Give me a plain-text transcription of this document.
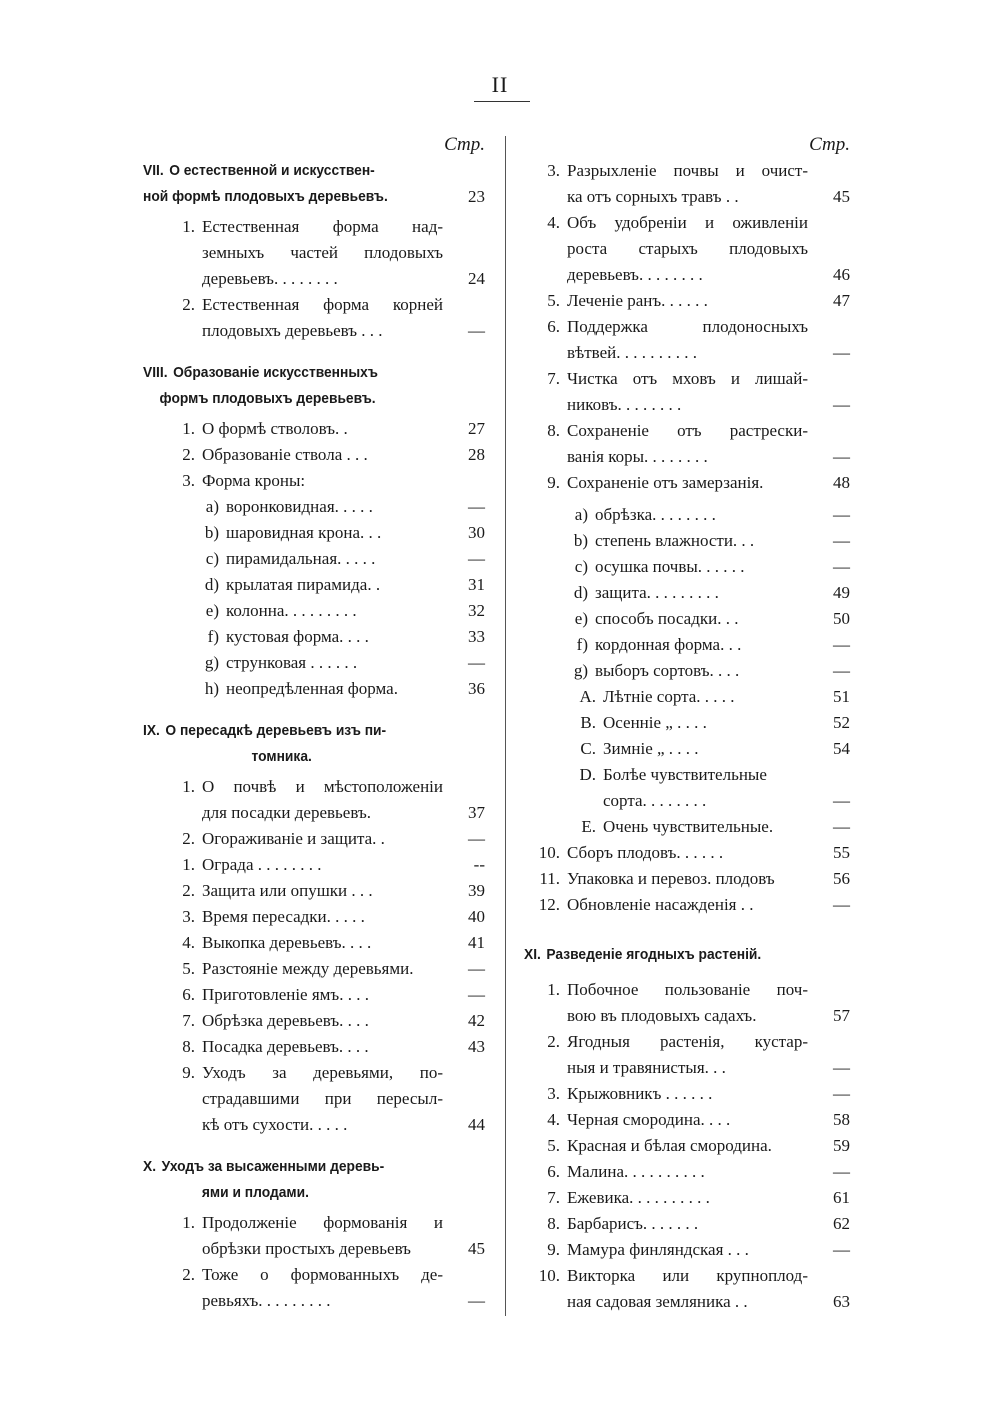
II
Стр.
VII. О естественной и искусствен-
ной формѣ плодовыхъ деревьевъ.	23
1. Естественная форма над-
земныхъ частей плодовыхъ
деревьевъ. . . . . . . .	24
2. Естественная форма корней
плодовыхъ деревьевъ . . .	—
VIII. Образованіе искусственныхъ
формъ плодовыхъ деревьевъ.
1. О формѣ стволовъ. .	27
2. Образованіе ствола . . .	28
3. Форма кроны:
a) воронковидная. . . . .	—
b) шаровидная крона. . .	30
c) пирамидальная. . . . .	—
d) крылатая пирамида. .	31
e) колонна. . . . . . . . .	32
f) кустовая форма. . . .	33
g) струнковая . . . . . .	—
h) неопредѣленная форма.	36
IX. О пересадкѣ деревьевъ изъ пи-
томника.
1. О почвѣ и мѣстоположеніи
для посадки деревьевъ.	37
2. Огораживаніе и защита. .	—
1. Ограда . . . . . . . .	--
2. Защита или опушки . . .	39
3. Время пересадки. . . . .	40
4. Выкопка деревьевъ. . . .	41
5. Разстояніе между деревьями.	—
6. Приготовленіе ямъ. . . .	—
7. Обрѣзка деревьевъ. . . .	42
8. Посадка деревьевъ. . . .	43
9. Уходъ за деревьями, по-
страдавшими при пересыл-
кѣ отъ сухости. . . . .	44
X. Уходъ за высаженными деревь-
ями и плодами.
1. Продолженіе формованія и
обрѣзки простыхъ деревьевъ	45
2. Тоже о формованныхъ де-
ревьяхъ. . . . . . . . .	—
Стр.
3. Разрыхленіе почвы и очист-
ка отъ сорныхъ травъ . .	45
4. Объ удобреніи и оживленіи
роста старыхъ плодовыхъ
деревьевъ. . . . . . . .	46
5. Леченіе ранъ. . . . . .	47
6. Поддержка плодоносныхъ
вѣтвей. . . . . . . . . .	—
7. Чистка отъ мховъ и лишай-
никовъ. . . . . . . .	—
8. Сохраненіе отъ растрески-
ванія коры. . . . . . . .	—
9. Сохраненіе отъ замерзанія.	48
a) обрѣзка. . . . . . . .	—
b) степень влажности. . .	—
c) осушка почвы. . . . . .	—
d) защита. . . . . . . . .	49
e) способъ посадки. . .	50
f) кордонная форма. . .	—
g) выборъ сортовъ. . . .	—
A. Лѣтніе сорта. . . . .	51
B. Осенніе „ . . . .	52
C. Зимніе „ . . . .	54
D. Болѣе чувствительные
сорта. . . . . . . .	—
E. Очень чувствительные.	—
10. Сборъ плодовъ. . . . . .	55
11. Упаковка и перевоз. плодовъ	56
12. Обновленіе насажденія . .	—
XI. Разведеніе ягодныхъ растеній.
1. Побочное пользованіе поч-
вою въ плодовыхъ садахъ.	57
2. Ягодныя растенія, кустар-
ныя и травянистыя. . .	—
3. Крыжовникъ . . . . . .	—
4. Черная смородина. . . .	58
5. Красная и бѣлая смородина.	59
6. Малина. . . . . . . . . .	—
7. Ежевика. . . . . . . . . .	61
8. Барбарисъ. . . . . . .	62
9. Мамура финляндская . . .	—
10. Викторка или крупноплод-
ная садовая земляника . .	63
